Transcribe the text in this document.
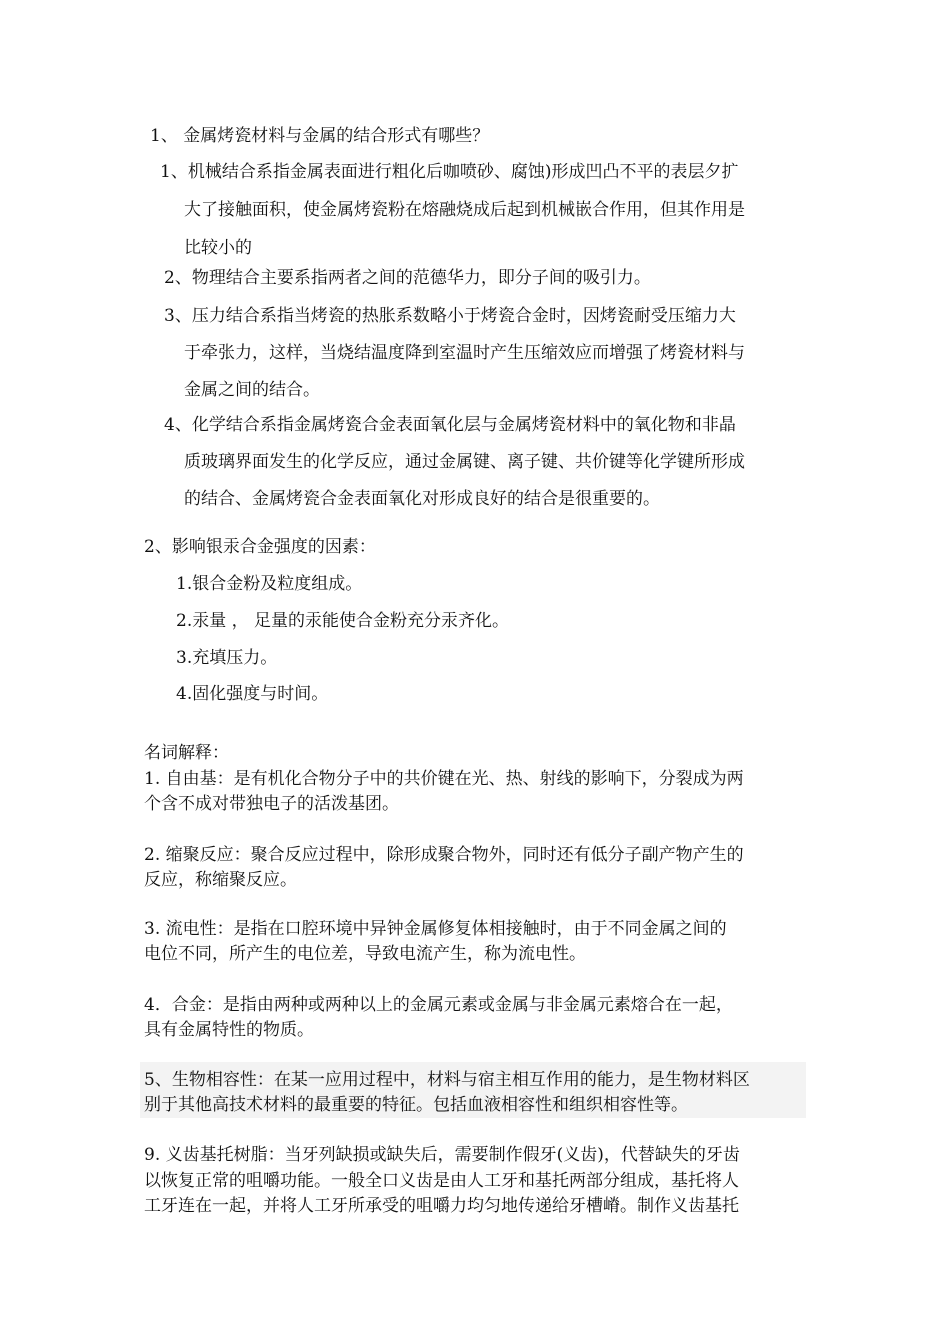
1、 金属烤瓷材料与金属的结合形式有哪些？
1、机械结合系指金属表面进行粗化后咖喷砂、腐蚀)形成凹凸不平的表层夕扩
大了接触面积，使金属烤瓷粉在熔融烧成后起到机械嵌合作用，但其作用是
比较小的
2、物理结合主要系指两者之间的范德华力，即分子间的吸引力。
3、压力结合系指当烤瓷的热胀系数略小于烤瓷合金时，因烤瓷耐受压缩力大
于牵张力，这样，当烧结温度降到室温时产生压缩效应而增强了烤瓷材料与
金属之间的结合。
4、化学结合系指金属烤瓷合金表面氧化层与金属烤瓷材料中的氧化物和非晶
质玻璃界面发生的化学反应，通过金属键、离子键、共价键等化学键所形成
的结合、金属烤瓷合金表面氧化对形成良好的结合是很重要的。
2、影响银汞合金强度的因素：
1.银合金粉及粒度组成。
2.汞量 ， 足量的汞能使合金粉充分汞齐化。
3.充填压力。
4.固化强度与时间。
名词解释：
1. 自由基：是有机化合物分子中的共价键在光、热、射线的影响下，分裂成为两
个含不成对带独电子的活泼基团。
2. 缩聚反应：聚合反应过程中，除形成聚合物外，同时还有低分子副产物产生的
反应，称缩聚反应。
3. 流电性：是指在口腔环境中异钟金属修复体相接触时，由于不同金属之间的
电位不同，所产生的电位差，导致电流产生，称为流电性。
4．合金：是指由两种或两种以上的金属元素或金属与非金属元素熔合在一起，
具有金属特性的物质。
5、生物相容性：在某一应用过程中，材料与宿主相互作用的能力，是生物材料区
别于其他高技术材料的最重要的特征。包括血液相容性和组织相容性等。
9. 义齿基托树脂：当牙列缺损或缺失后，需要制作假牙(义齿)，代替缺失的牙齿
以恢复正常的咀嚼功能。一般全口义齿是由人工牙和基托两部分组成，基托将人
工牙连在一起，并将人工牙所承受的咀嚼力均匀地传递给牙槽嵴。制作义齿基托
